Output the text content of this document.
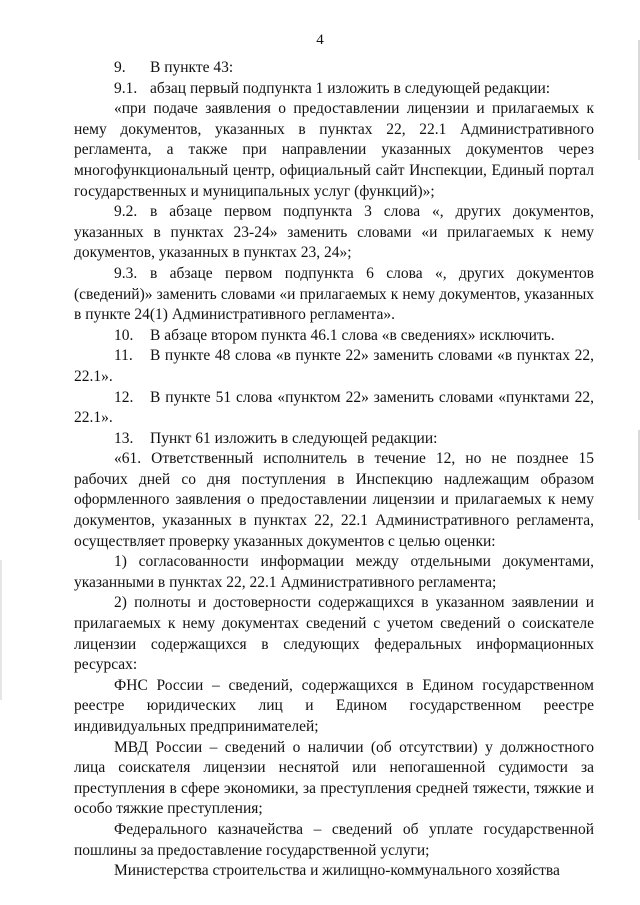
4

9. В пункте 43:

9.1. абзац первый подпункта 1 изложить в следующей редакции:

«при подаче заявления о предоставлении лицензии и прилагаемых к нему документов, указанных в пунктах 22, 22.1 Административного регламента, а также при направлении указанных документов через многофункциональный центр, официальный сайт Инспекции, Единый портал государственных и муниципальных услуг (функций)»;

9.2. в абзаце первом подпункта 3 слова «, других документов, указанных в пунктах 23-24» заменить словами «и прилагаемых к нему документов, указанных в пунктах 23, 24»;

9.3. в абзаце первом подпункта 6 слова «, других документов (сведений)» заменить словами «и прилагаемых к нему документов, указанных в пункте 24(1) Административного регламента».

10. В абзаце втором пункта 46.1 слова «в сведениях» исключить.

11. В пункте 48 слова «в пункте 22» заменить словами «в пунктах 22, 22.1».

12. В пункте 51 слова «пунктом 22» заменить словами «пунктами 22, 22.1».

13. Пункт 61 изложить в следующей редакции:

«61. Ответственный исполнитель в течение 12, но не позднее 15 рабочих дней со дня поступления в Инспекцию надлежащим образом оформленного заявления о предоставлении лицензии и прилагаемых к нему документов, указанных в пунктах 22, 22.1 Административного регламента, осуществляет проверку указанных документов с целью оценки:

1) согласованности информации между отдельными документами, указанными в пунктах 22, 22.1 Административного регламента;

2) полноты и достоверности содержащихся в указанном заявлении и прилагаемых к нему документах сведений с учетом сведений о соискателе лицензии содержащихся в следующих федеральных информационных ресурсах:

ФНС России – сведений, содержащихся в Едином государственном реестре юридических лиц и Едином государственном реестре индивидуальных предпринимателей;

МВД России – сведений о наличии (об отсутствии) у должностного лица соискателя лицензии неснятой или непогашенной судимости за преступления в сфере экономики, за преступления средней тяжести, тяжкие и особо тяжкие преступления;

Федерального казначейства – сведений об уплате государственной пошлины за предоставление государственной услуги;

Министерства строительства и жилищно-коммунального хозяйства
